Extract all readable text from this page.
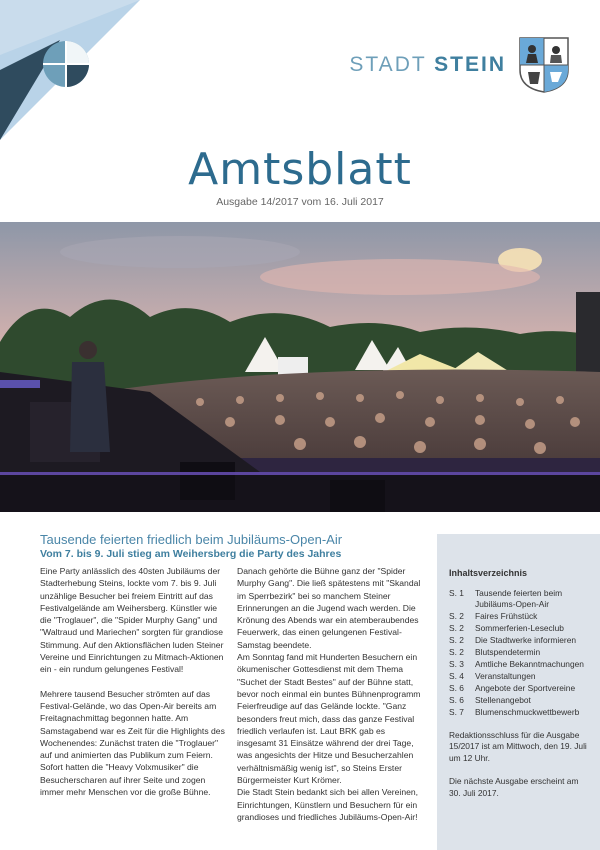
STADT STEIN
Amtsblatt
Ausgabe 14/2017 vom 16. Juli 2017
Tausende feierten friedlich beim Jubiläums-Open-Air
Vom 7. bis 9. Juli stieg am Weihersberg die Party des Jahres

Eine Party anlässlich des 40sten Jubiläums der Stadterhebung Steins, lockte vom 7. bis 9. Juli unzählige Besucher bei freiem Eintritt auf das Festivalgelände am Weihersberg. Künstler wie die "Troglauer", die "Spider Murphy Gang" und "Waltraud und Mariechen" sorgten für grandiose Stimmung. Auf den Aktionsflächen luden Steiner Vereine und Einrichtungen zu Mitmach-Aktionen ein - ein rundum gelungenes Festival!

Mehrere tausend Besucher strömten auf das Festival-Gelände, wo das Open-Air bereits am Freitagnachmittag begonnen hatte. Am Samstagabend war es Zeit für die Highlights des Wochenendes: Zunächst traten die "Troglauer" auf und animierten das Publikum zum Feiern. Sofort hatten die "Heavy Volxmusiker" die Besucherscharen auf ihrer Seite und zogen immer mehr Menschen vor die große Bühne.

Danach gehörte die Bühne ganz der "Spider Murphy Gang". Die ließ spätestens mit "Skandal im Sperrbezirk" bei so manchem Steiner Erinnerungen an die Jugend wach werden. Die Krönung des Abends war ein atemberaubendes Feuerwerk, das einen gelungenen Festival-Samstag beendete.

Am Sonntag fand mit Hunderten Besuchern ein ökumenischer Gottesdienst mit dem Thema "Suchet der Stadt Bestes" auf der Bühne statt, bevor noch einmal ein buntes Bühnenprogramm Feierfreudige auf das Gelände lockte. "Ganz besonders freut mich, dass das ganze Festival friedlich verlaufen ist. Laut BRK gab es insgesamt 31 Einsätze während der drei Tage, was angesichts der Hitze und Besucherzahlen verhältnismäßig wenig ist", so Steins Erster Bürgermeister Kurt Krömer.

Die Stadt Stein bedankt sich bei allen Vereinen, Einrichtungen, Künstlern und Besuchern für ein grandioses und friedliches Jubiläums-Open-Air!

Inhaltsverzeichnis
S. 1	Tausende feierten beim Jubiläums-Open-Air
S. 2	Faires Frühstück
S. 2	Sommerferien-Leseclub
S. 2	Die Stadtwerke informieren
S. 2	Blutspendetermin
S. 3	Amtliche Bekanntmachungen
S. 4	Veranstaltungen
S. 6	Angebote der Sportvereine
S. 6	Stellenangebot
S. 7	Blumenschmuckwettbewerb
Redaktionsschluss für die Ausgabe 15/2017 ist am Mittwoch, den 19. Juli um 12 Uhr.
Die nächste Ausgabe erscheint am 30. Juli 2017.
